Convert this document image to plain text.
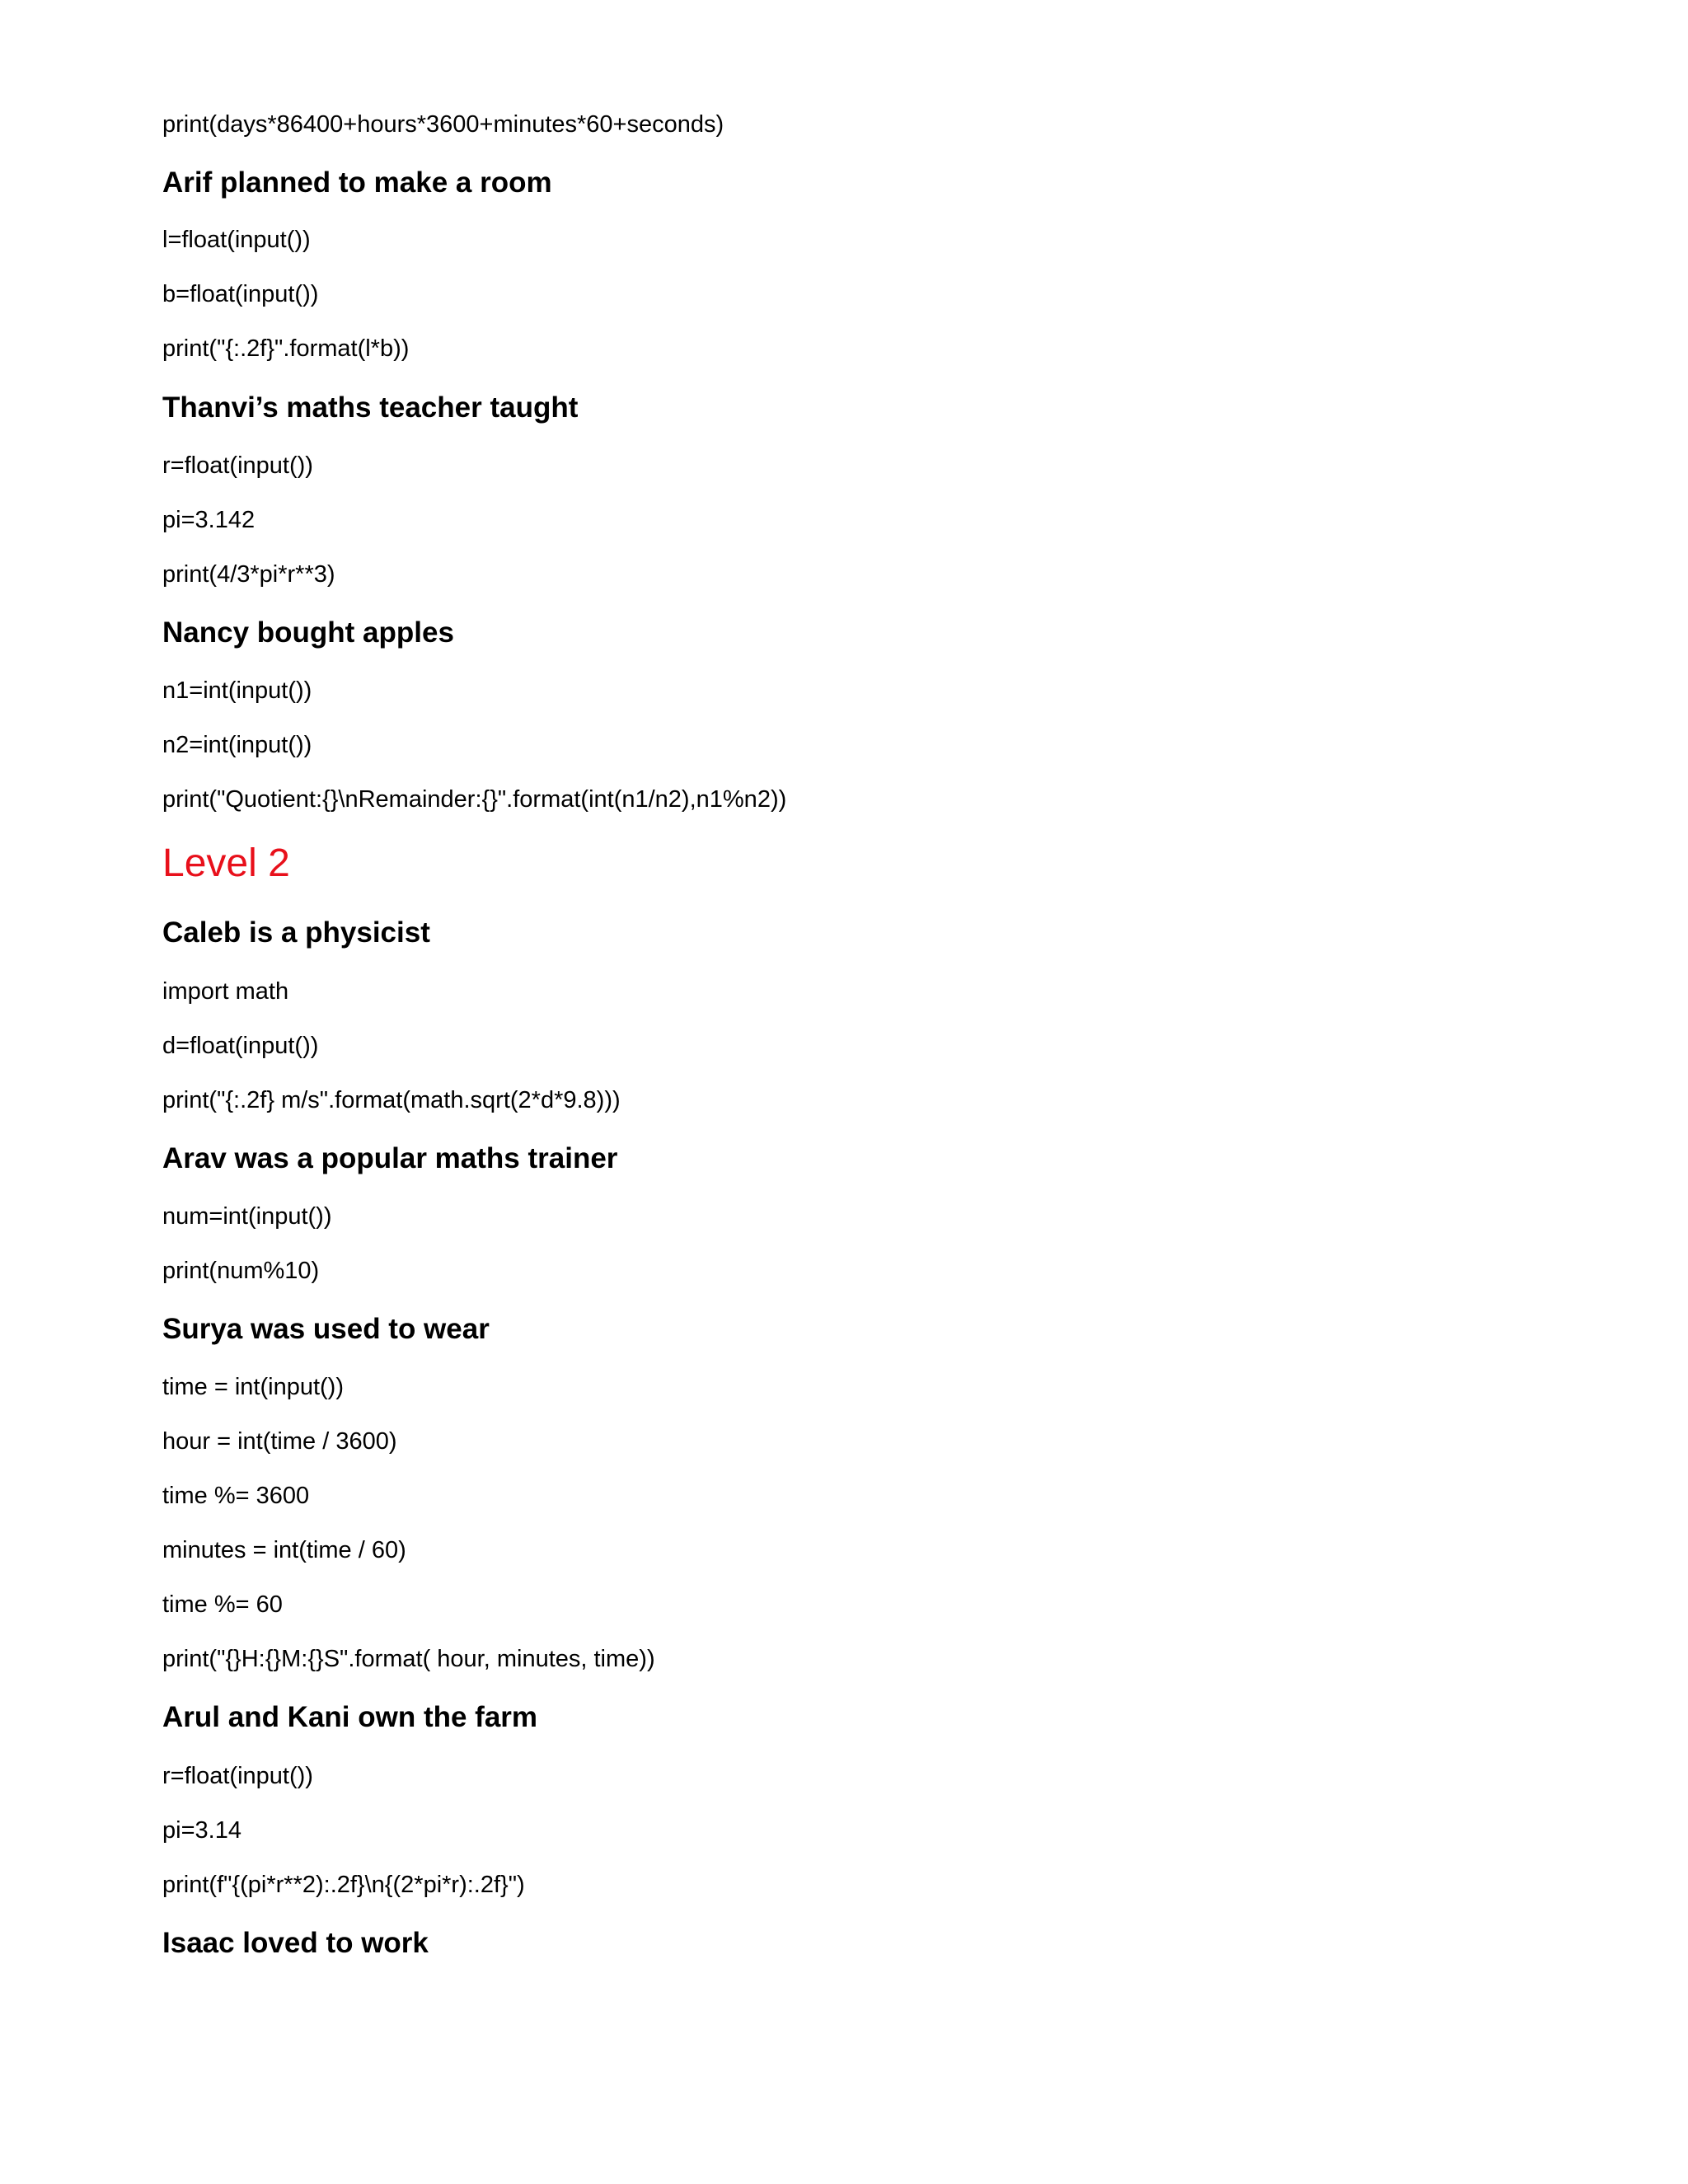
print(days*86400+hours*3600+minutes*60+seconds)

Arif planned to make a room

l=float(input())

b=float(input())

print("{:.2f}".format(l*b))

Thanvi’s maths teacher taught

r=float(input())

pi=3.142

print(4/3*pi*r**3)

Nancy bought apples

n1=int(input())

n2=int(input())

print("Quotient:{}\nRemainder:{}".format(int(n1/n2),n1%n2))

Level 2

Caleb is a physicist

import math

d=float(input())

print("{:.2f} m/s".format(math.sqrt(2*d*9.8)))

Arav was a popular maths trainer

num=int(input())

print(num%10)

Surya was used to wear

time = int(input())

hour = int(time / 3600)

time %= 3600

minutes = int(time / 60)

time %= 60

print("{}H:{}M:{}S".format( hour, minutes, time))

Arul and Kani own the farm

r=float(input())

pi=3.14

print(f"{(pi*r**2):.2f}\n{(2*pi*r):.2f}")

Isaac loved to work
